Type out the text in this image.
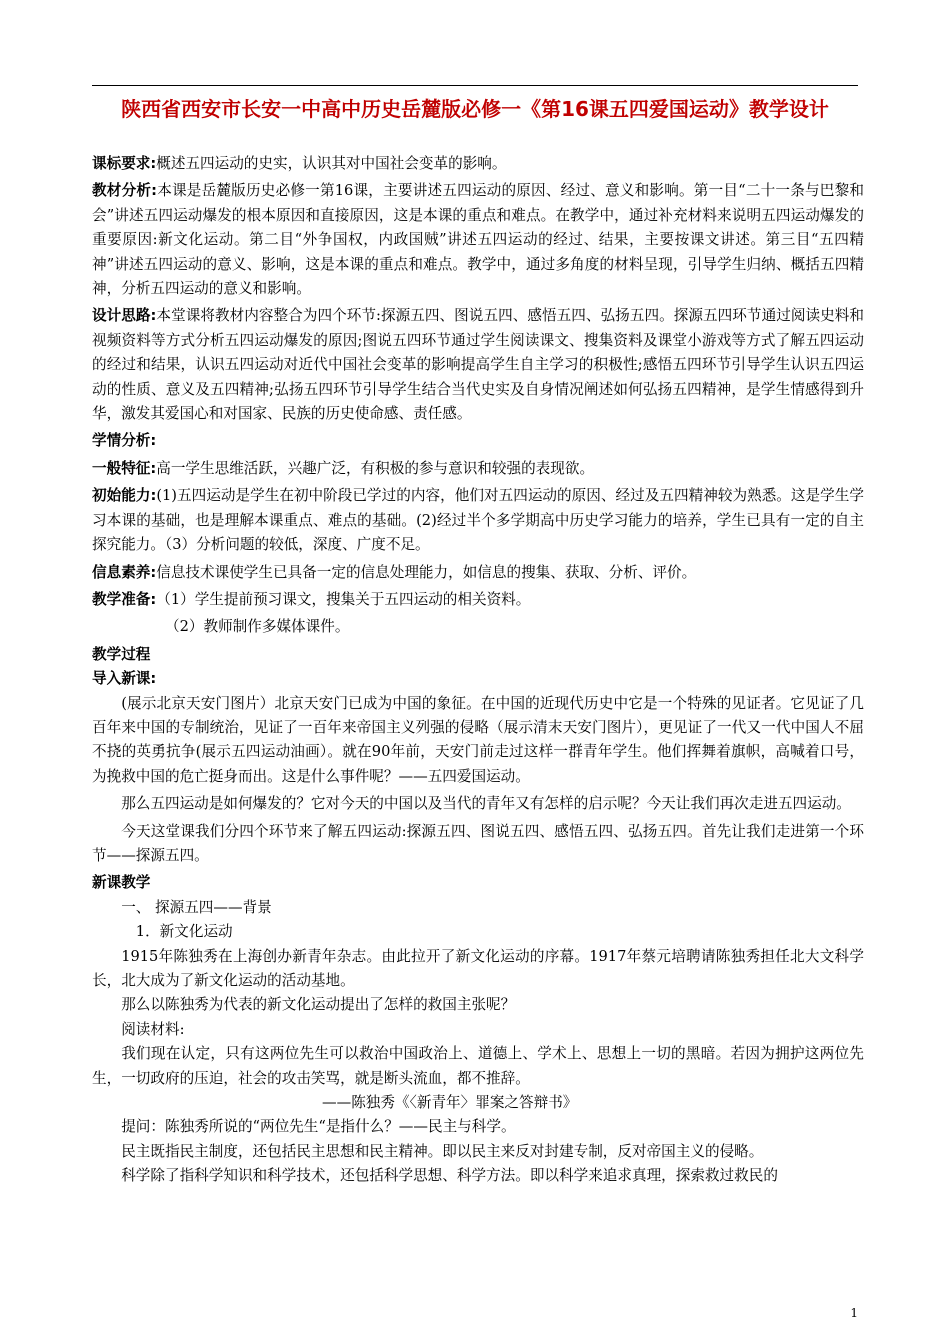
陕西省西安市长安一中高中历史岳麓版必修一《第16课五四爱国运动》教学设计

课标要求:概述五四运动的史实，认识其对中国社会变革的影响。

教材分析:本课是岳麓版历史必修一第16课，主要讲述五四运动的原因、经过、意义和影响。第一目“二十一条与巴黎和会”讲述五四运动爆发的根本原因和直接原因，这是本课的重点和难点。在教学中，通过补充材料来说明五四运动爆发的重要原因:新文化运动。第二目“外争国权，内政国贼”讲述五四运动的经过、结果，主要按课文讲述。第三目“五四精神”讲述五四运动的意义、影响，这是本课的重点和难点。教学中，通过多角度的材料呈现，引导学生归纳、概括五四精神，分析五四运动的意义和影响。

设计思路:本堂课将教材内容整合为四个环节:探源五四、图说五四、感悟五四、弘扬五四。探源五四环节通过阅读史料和视频资料等方式分析五四运动爆发的原因;图说五四环节通过学生阅读课文、搜集资料及课堂小游戏等方式了解五四运动的经过和结果，认识五四运动对近代中国社会变革的影响提高学生自主学习的积极性;感悟五四环节引导学生认识五四运动的性质、意义及五四精神;弘扬五四环节引导学生结合当代史实及自身情况阐述如何弘扬五四精神，是学生情感得到升华，激发其爱国心和对国家、民族的历史使命感、责任感。

学情分析:

一般特征:高一学生思维活跃，兴趣广泛，有积极的参与意识和较强的表现欲。

初始能力:(1)五四运动是学生在初中阶段已学过的内容，他们对五四运动的原因、经过及五四精神较为熟悉。这是学生学习本课的基础，也是理解本课重点、难点的基础。(2)经过半个多学期高中历史学习能力的培养，学生已具有一定的自主探究能力。（3）分析问题的较低，深度、广度不足。

信息素养:信息技术课使学生已具备一定的信息处理能力，如信息的搜集、获取、分析、评价。

教学准备:（1）学生提前预习课文，搜集关于五四运动的相关资料。

（2）教师制作多媒体课件。

教学过程

导入新课:

(展示北京天安门图片）北京天安门已成为中国的象征。在中国的近现代历史中它是一个特殊的见证者。它见证了几百年来中国的专制统治，见证了一百年来帝国主义列强的侵略（展示清末天安门图片），更见证了一代又一代中国人不屈不挠的英勇抗争(展示五四运动油画）。就在90年前，天安门前走过这样一群青年学生。他们挥舞着旗帜，高喊着口号，为挽救中国的危亡挺身而出。这是什么事件呢？——五四爱国运动。

那么五四运动是如何爆发的？它对今天的中国以及当代的青年又有怎样的启示呢？今天让我们再次走进五四运动。

今天这堂课我们分四个环节来了解五四运动:探源五四、图说五四、感悟五四、弘扬五四。首先让我们走进第一个环节——探源五四。

新课教学

一、 探源五四——背景

1．新文化运动

1915年陈独秀在上海创办新青年杂志。由此拉开了新文化运动的序幕。1917年蔡元培聘请陈独秀担任北大文科学长，北大成为了新文化运动的活动基地。

那么以陈独秀为代表的新文化运动提出了怎样的救国主张呢？

阅读材料:

我们现在认定，只有这两位先生可以救治中国政治上、道德上、学术上、思想上一切的黑暗。若因为拥护这两位先生，一切政府的压迫，社会的攻击笑骂，就是断头流血，都不推辞。

——陈独秀《〈新青年〉罪案之答辩书》

提问：陈独秀所说的“两位先生“是指什么？——民主与科学。

民主既指民主制度，还包括民主思想和民主精神。即以民主来反对封建专制，反对帝国主义的侵略。

科学除了指科学知识和科学技术，还包括科学思想、科学方法。即以科学来追求真理，探索救过救民的

1
